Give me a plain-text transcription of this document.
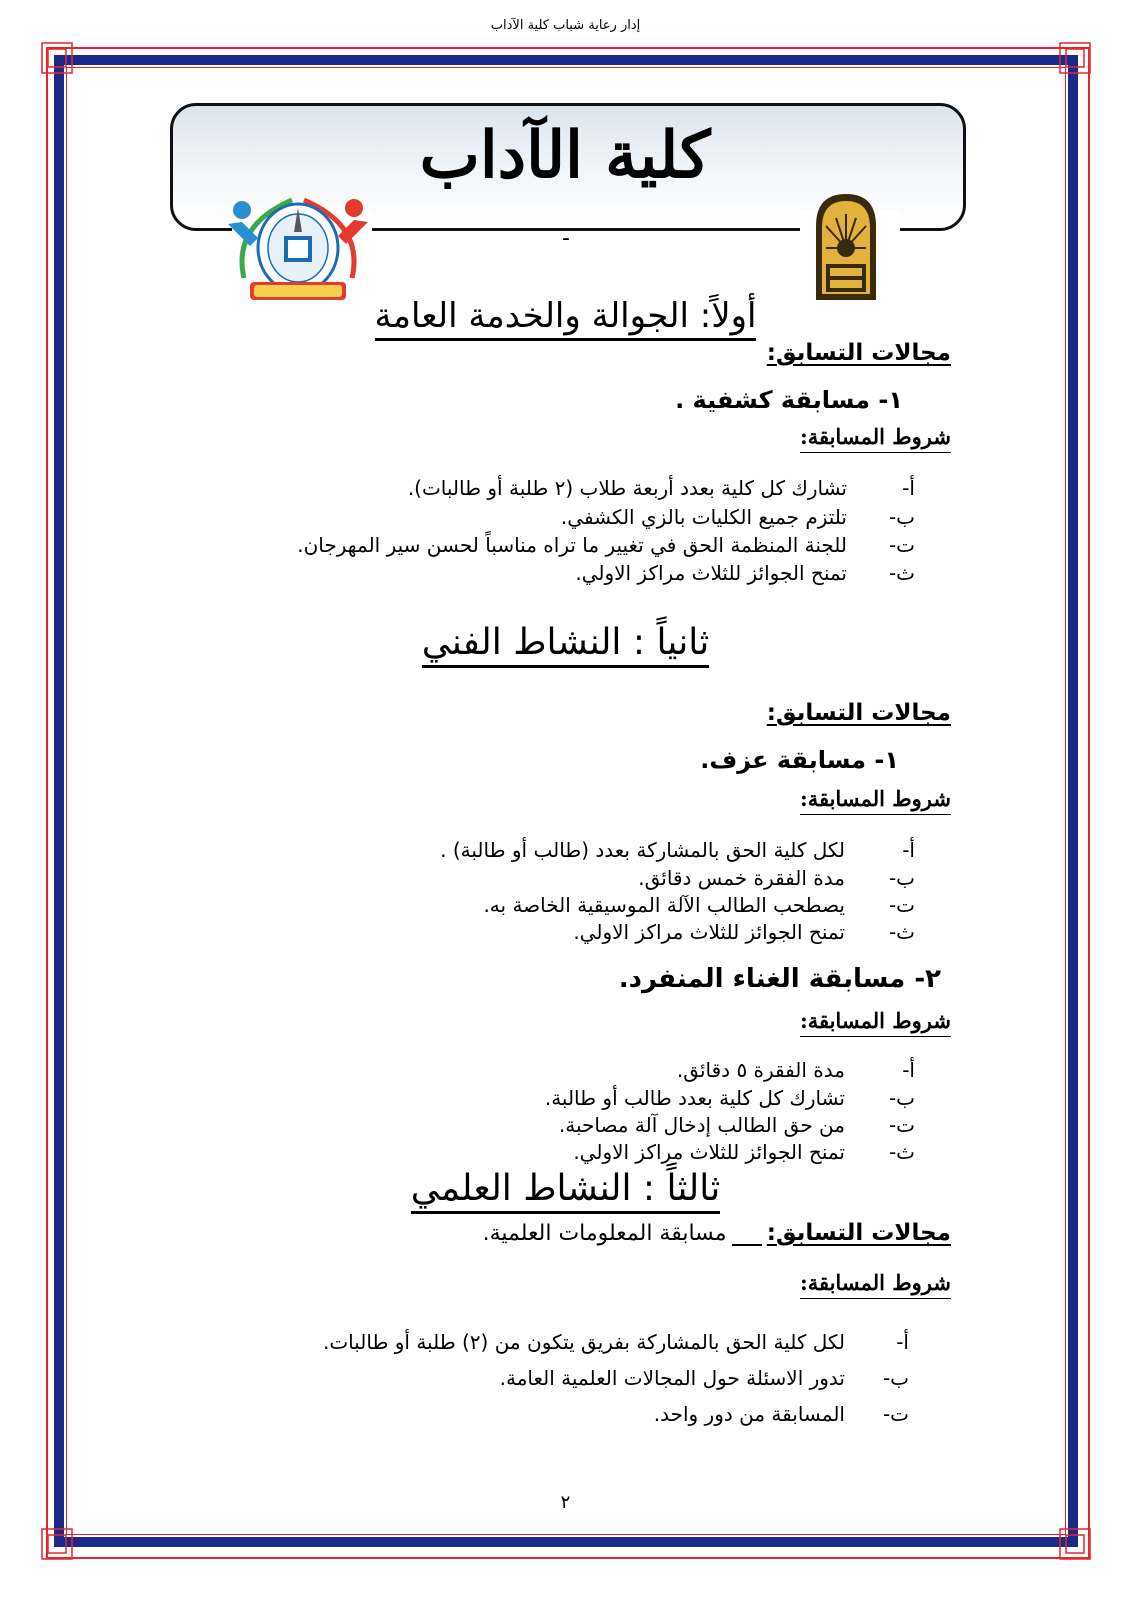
إدار رعاية شباب كلية الآداب
كلية الآداب
-
أولاً: الجوالة والخدمة العامة
مجالات التسابق:
١- مسابقة كشفية .
شروط المسابقة:
أ-
تشارك كل كلية بعدد أربعة طلاب (٢ طلبة أو طالبات).
ب-
تلتزم جميع الكليات بالزي الكشفي.
ت-
للجنة المنظمة الحق في تغيير ما تراه مناسباً لحسن سير المهرجان.
ث-
تمنح الجوائز للثلاث مراكز الاولي.
ثانياً : النشاط الفني
مجالات التسابق:
١- مسابقة عزف.
شروط المسابقة:
أ-
لكل كلية الحق بالمشاركة بعدد (طالب أو طالبة) .
ب-
مدة الفقرة خمس دقائق.
ت-
يصطحب الطالب الآلة الموسيقية الخاصة به.
ث-
تمنح الجوائز للثلاث مراكز الاولي.
٢- مسابقة الغناء المنفرد.
شروط المسابقة:
أ-
مدة الفقرة ٥ دقائق.
ب-
تشارك كل كلية بعدد طالب أو طالبة.
ت-
من حق الطالب إدخال آلة مصاحبة.
ث-
تمنح الجوائز للثلاث مراكز الاولي.
ثالثاً : النشاط العلمي
مجالات التسابق:  مسابقة المعلومات العلمية.
شروط المسابقة:
أ-
لكل كلية الحق بالمشاركة بفريق يتكون من (٢) طلبة أو طالبات.
ب-
تدور الاسئلة حول المجالات العلمية العامة.
ت-
المسابقة من دور واحد.
٢
